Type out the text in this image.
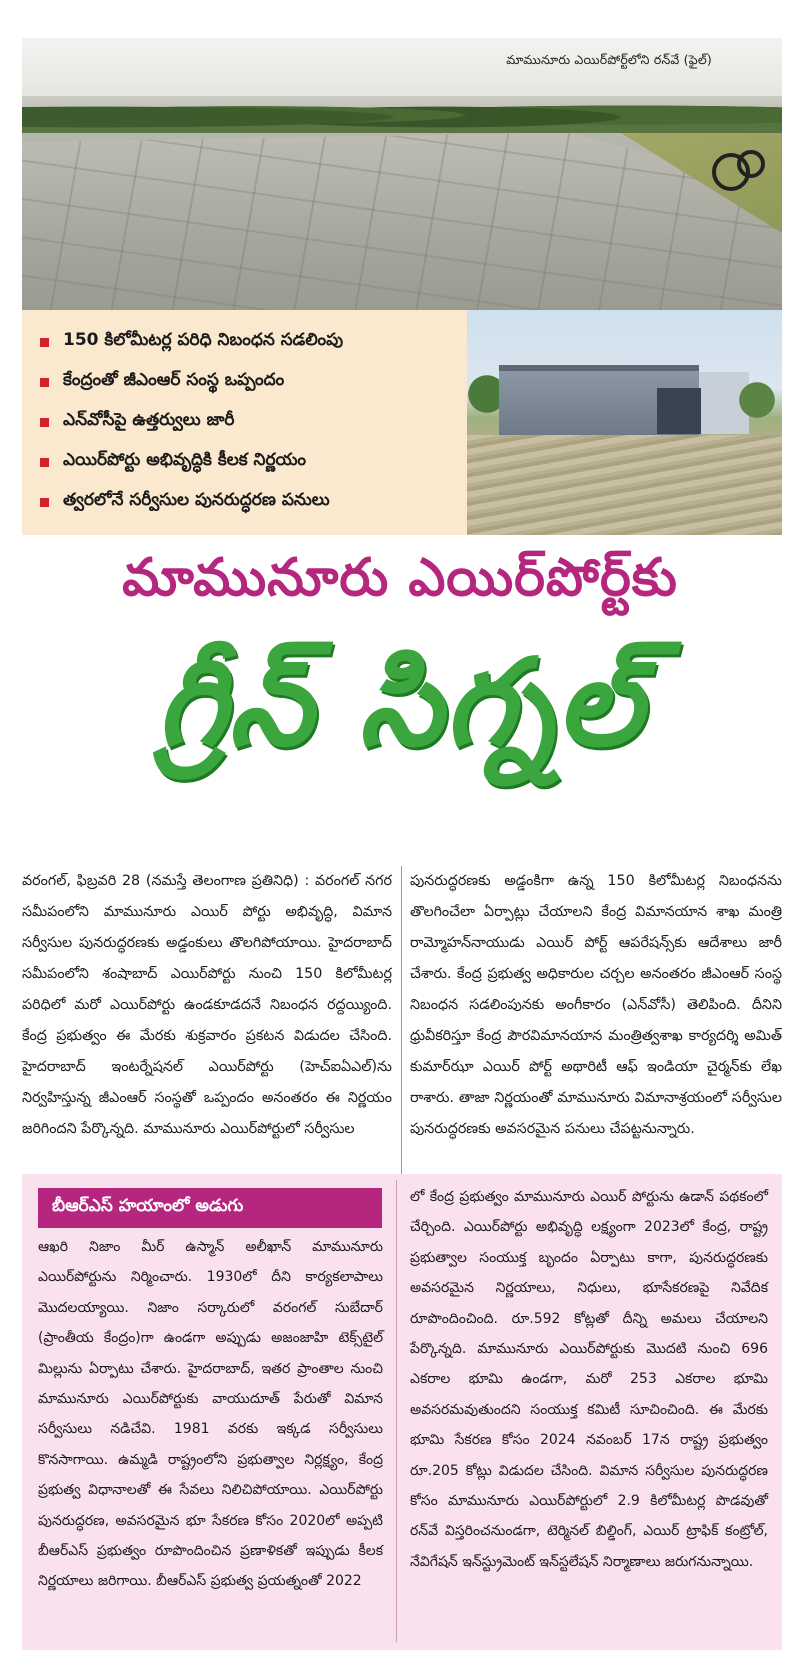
మామునూరు ఎయిర్‌పోర్ట్‌లోని రన్‌వే (ఫైల్)
150 కిలోమీటర్ల పరిధి నిబంధన సడలింపు
కేంద్రంతో జీఎంఆర్ సంస్థ ఒప్పందం
ఎన్‌వోసీపై ఉత్తర్వులు జారీ
ఎయిర్‌పోర్టు అభివృద్ధికి కీలక నిర్ణయం
త్వరలోనే సర్వీసుల పునరుద్ధరణ పనులు
మామునూరు ఎయిర్‌పోర్ట్‌కు
గ్రీన్ సిగ్నల్
వరంగల్, ఫిబ్రవరి 28 (నమస్తే తెలంగాణ ప్రతినిధి) : వరంగల్ నగర సమీపంలోని మామునూరు ఎయిర్ పోర్టు అభివృద్ధి, విమాన సర్వీసుల పునరుద్ధరణకు అడ్డంకులు తొలగిపోయాయి. హైదరాబాద్ సమీపంలోని శంషాబాద్ ఎయిర్‌పోర్టు నుంచి 150 కిలోమీటర్ల పరిధిలో మరో ఎయిర్‌పోర్టు ఉండకూడదనే నిబంధన రద్దయ్యింది. కేంద్ర ప్రభుత్వం ఈ మేరకు శుక్రవారం ప్రకటన విడుదల చేసింది. హైదరాబాద్ ఇంటర్నేషనల్ ఎయిర్‌పోర్టు (హెచ్ఐఏఎల్)ను నిర్వహిస్తున్న జీఎంఆర్ సంస్థతో ఒప్పందం అనంతరం ఈ నిర్ణయం జరిగిందని పేర్కొన్నది. మామునూరు ఎయిర్‌పోర్టులో సర్వీసుల
పునరుద్ధరణకు అడ్డంకిగా ఉన్న 150 కిలోమీటర్ల నిబంధనను తొలగించేలా ఏర్పాట్లు చేయాలని కేంద్ర విమానయాన శాఖ మంత్రి రామ్మోహన్‌నాయుడు ఎయిర్ పోర్ట్ ఆపరేషన్స్‌కు ఆదేశాలు జారీ చేశారు. కేంద్ర ప్రభుత్వ అధికారుల చర్చల అనంతరం జీఎంఆర్ సంస్థ నిబంధన సడలింపునకు అంగీకారం (ఎన్‌వోసీ) తెలిపింది. దీనిని ధ్రువీకరిస్తూ కేంద్ర పౌరవిమానయాన మంత్రిత్వశాఖ కార్యదర్శి అమిత్ కుమార్‌ఝా ఎయిర్ పోర్ట్ అథారిటీ ఆఫ్ ఇండియా చైర్మన్‌కు లేఖ రాశారు. తాజా నిర్ణయంతో మామునూరు విమానాశ్రయంలో సర్వీసుల పునరుద్ధరణకు అవసరమైన పనులు చేపట్టనున్నారు.
బీఆర్ఎస్ హయాంలో అడుగు
ఆఖరి నిజాం మీర్ ఉస్మాన్ అలీఖాన్ మామునూరు ఎయిర్‌పోర్టును నిర్మించారు. 1930లో దీని కార్యకలాపాలు మొదలయ్యాయి. నిజాం సర్కారులో వరంగల్ సుబేదార్ (ప్రాంతీయ కేంద్రం)గా ఉండగా అప్పుడు అజంజాహి టెక్స్‌టైల్ మిల్లును ఏర్పాటు చేశారు. హైదరాబాద్, ఇతర ప్రాంతాల నుంచి మామునూరు ఎయిర్‌పోర్టుకు వాయుదూత్ పేరుతో విమాన సర్వీసులు నడిచేవి. 1981 వరకు ఇక్కడ సర్వీసులు కొనసాగాయి. ఉమ్మడి రాష్ట్రంలోని ప్రభుత్వాల నిర్లక్ష్యం, కేంద్ర ప్రభుత్వ విధానాలతో ఈ సేవలు నిలిచిపోయాయి. ఎయిర్‌పోర్టు పునరుద్ధరణ, అవసరమైన భూ సేకరణ కోసం 2020లో అప్పటి బీఆర్ఎస్ ప్రభుత్వం రూపొందించిన ప్రణాళికతో ఇప్పుడు కీలక నిర్ణయాలు జరిగాయి. బీఆర్ఎస్ ప్రభుత్వ ప్రయత్నంతో 2022
లో కేంద్ర ప్రభుత్వం మామునూరు ఎయిర్ పోర్టును ఉడాన్ పథకంలో చేర్చింది. ఎయిర్‌పోర్టు అభివృద్ధి లక్ష్యంగా 2023లో కేంద్ర, రాష్ట్ర ప్రభుత్వాల సంయుక్త బృందం ఏర్పాటు కాగా, పునరుద్ధరణకు అవసరమైన నిర్ణయాలు, నిధులు, భూసేకరణపై నివేదిక రూపొందించింది. రూ.592 కోట్లతో దీన్ని అమలు చేయాలని పేర్కొన్నది. మామునూరు ఎయిర్‌పోర్టుకు మొదటి నుంచి 696 ఎకరాల భూమి ఉండగా, మరో 253 ఎకరాల భూమి అవసరమవుతుందని సంయుక్త కమిటీ సూచించింది. ఈ మేరకు భూమి సేకరణ కోసం 2024 నవంబర్ 17న రాష్ట్ర ప్రభుత్వం రూ.205 కోట్లు విడుదల చేసింది. విమాన సర్వీసుల పునరుద్ధరణ కోసం మామునూరు ఎయిర్‌పోర్టులో 2.9 కిలోమీటర్ల పొడవుతో రన్‌వే విస్తరించనుండగా, టెర్మినల్ బిల్డింగ్, ఎయిర్ ట్రాఫిక్ కంట్రోల్, నేవిగేషన్ ఇన్‌స్ట్రుమెంట్ ఇన్‌స్టలేషన్ నిర్మాణాలు జరుగనున్నాయి.
